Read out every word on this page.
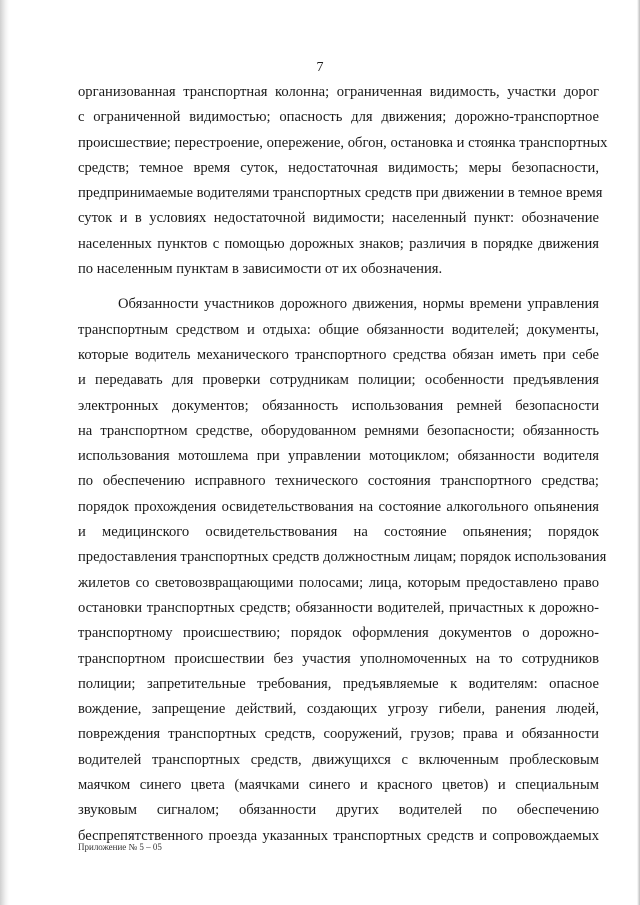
7
организованная транспортная колонна; ограниченная видимость, участки дорог
с ограниченной видимостью; опасность для движения; дорожно-транспортное
происшествие; перестроение, опережение, обгон, остановка и стоянка транспортных
средств; темное время суток, недостаточная видимость; меры безопасности,
предпринимаемые водителями транспортных средств при движении в темное время
суток и в условиях недостаточной видимости; населенный пункт: обозначение
населенных пунктов с помощью дорожных знаков; различия в порядке движения
по населенным пунктам в зависимости от их обозначения.
Обязанности участников дорожного движения, нормы времени управления
транспортным средством и отдыха: общие обязанности водителей; документы,
которые водитель механического транспортного средства обязан иметь при себе
и передавать для проверки сотрудникам полиции; особенности предъявления
электронных документов; обязанность использования ремней безопасности
на транспортном средстве, оборудованном ремнями безопасности; обязанность
использования мотошлема при управлении мотоциклом; обязанности водителя
по обеспечению исправного технического состояния транспортного средства;
порядок прохождения освидетельствования на состояние алкогольного опьянения
и медицинского освидетельствования на состояние опьянения; порядок
предоставления транспортных средств должностным лицам; порядок использования
жилетов со световозвращающими полосами; лица, которым предоставлено право
остановки транспортных средств; обязанности водителей, причастных к дорожно-
транспортному происшествию; порядок оформления документов о дорожно-
транспортном происшествии без участия уполномоченных на то сотрудников
полиции; запретительные требования, предъявляемые к водителям: опасное
вождение, запрещение действий, создающих угрозу гибели, ранения людей,
повреждения транспортных средств, сооружений, грузов; права и обязанности
водителей транспортных средств, движущихся с включенным проблесковым
маячком синего цвета (маячками синего и красного цветов) и специальным
звуковым сигналом; обязанности других водителей по обеспечению
беспрепятственного проезда указанных транспортных средств и сопровождаемых
Приложение № 5 – 05
